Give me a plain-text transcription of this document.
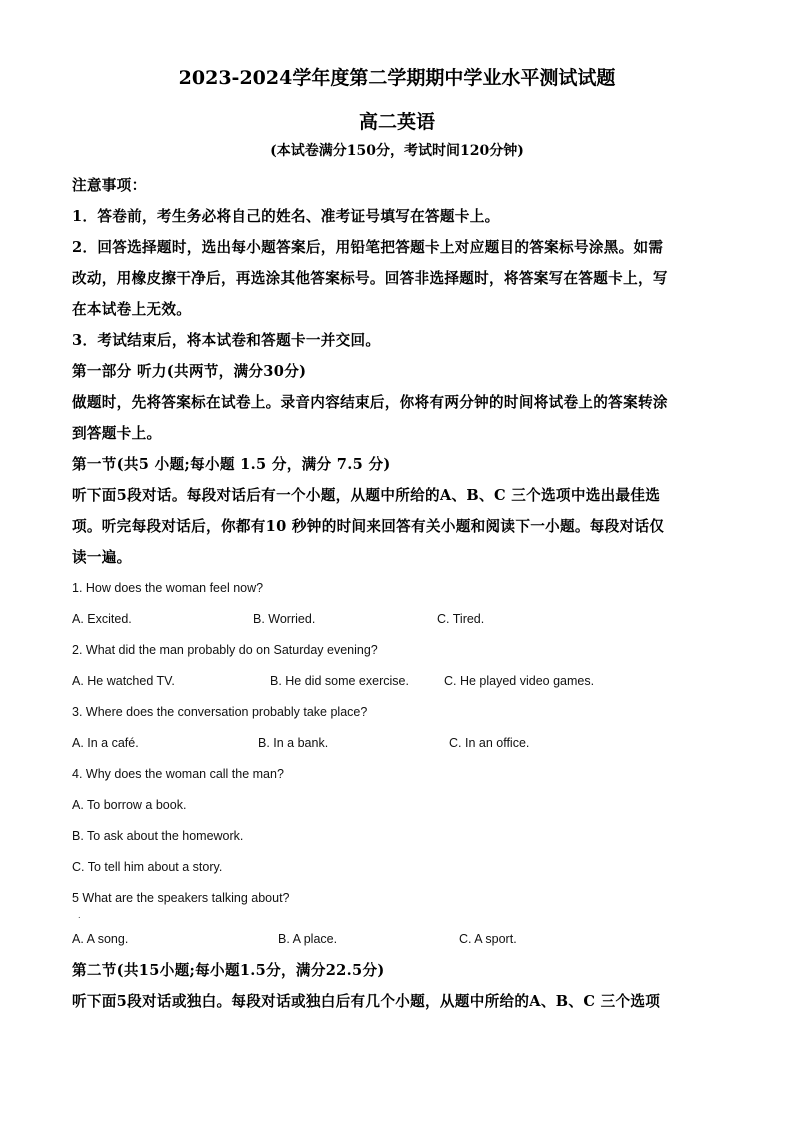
2023-2024学年度第二学期期中学业水平测试试题
高二英语
(本试卷满分150分，考试时间120分钟)
注意事项：
1．答卷前，考生务必将自己的姓名、准考证号填写在答题卡上。
2．回答选择题时，选出每小题答案后，用铅笔把答题卡上对应题目的答案标号涂黑。如需
改动，用橡皮擦干净后，再选涂其他答案标号。回答非选择题时，将答案写在答题卡上，写
在本试卷上无效。
3．考试结束后，将本试卷和答题卡一并交回。
第一部分 听力(共两节，满分30分)
做题时，先将答案标在试卷上。录音内容结束后，你将有两分钟的时间将试卷上的答案转涂
到答题卡上。
第一节(共5 小题;每小题 1.5 分，满分 7.5 分)
听下面5段对话。每段对话后有一个小题，从题中所给的A、B、C 三个选项中选出最佳选
项。听完每段对话后，你都有10 秒钟的时间来回答有关小题和阅读下一小题。每段对话仅
读一遍。
1. How does the woman feel now?
A. Excited.	B. Worried.	C. Tired.
2. What did the man probably do on Saturday evening?
A. He watched TV.	B. He did some exercise.	C. He played video games.
3. Where does the conversation probably take place?
A. In a café.	B. In a bank.	C. In an office.
4. Why does the woman call the man?
A. To borrow a book.
B. To ask about the homework.
C. To tell him about a story.
5 What are the speakers talking about?
.
A. A song.	B. A place.	C. A sport.
第二节(共15小题;每小题1.5分，满分22.5分)
听下面5段对话或独白。每段对话或独白后有几个小题，从题中所给的A、B、C 三个选项
